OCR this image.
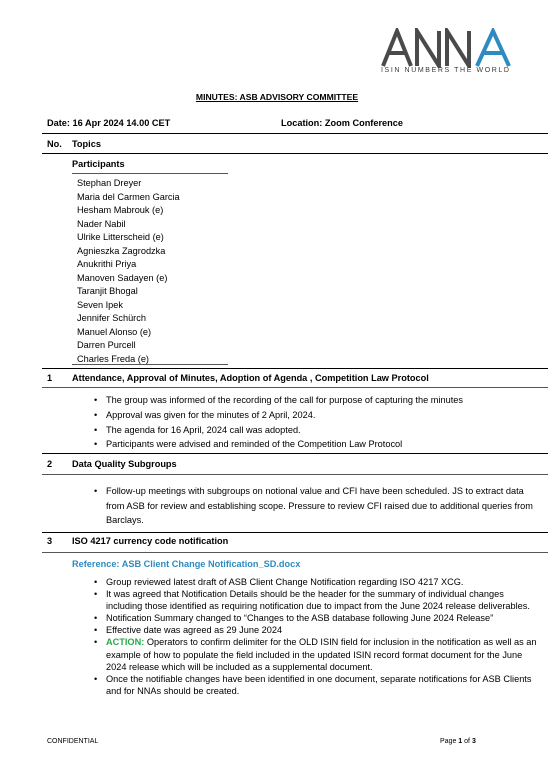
ISIN NUMBERS THE WORLD
MINUTES: ASB ADVISORY COMMITTEE
Date: 16 Apr 2024 14.00 CET	Location: Zoom Conference
No. Topics
Participants
Stephan Dreyer
Maria del Carmen Garcia
Hesham Mabrouk (e)
Nader Nabil
Ulrike Litterscheid (e)
Agnieszka Zagrodzka
Anukrithi Priya
Manoven Sadayen (e)
Taranjit Bhogal
Seven Ipek
Jennifer Schürch
Manuel Alonso (e)
Darren Purcell
Charles Freda (e)
1 Attendance, Approval of Minutes, Adoption of Agenda , Competition Law Protocol
• The group was informed of the recording of the call for purpose of capturing the minutes
• Approval was given for the minutes of 2 April, 2024.
• The agenda for 16 April, 2024 call was adopted.
• Participants were advised and reminded of the Competition Law Protocol
2 Data Quality Subgroups
• Follow-up meetings with subgroups on notional value and CFI have been scheduled. JS to extract data from ASB for review and establishing scope. Pressure to review CFI raised due to additional queries from Barclays.
3 ISO 4217 currency code notification
Reference: ASB Client Change Notification_SD.docx
• Group reviewed latest draft of ASB Client Change Notification regarding ISO 4217 XCG.
• It was agreed that Notification Details should be the header for the summary of individual changes including those identified as requiring notification due to impact from the June 2024 release deliverables.
• Notification Summary changed to “Changes to the ASB database following June 2024 Release”
• Effective date was agreed as 29 June 2024
• ACTION: Operators to confirm delimiter for the OLD ISIN field for inclusion in the notification as well as an example of how to populate the field included in the updated ISIN record format document for the June 2024 release which will be included as a supplemental document.
• Once the notifiable changes have been identified in one document, separate notifications for ASB Clients and for NNAs should be created.
CONFIDENTIAL	Page 1 of 3
